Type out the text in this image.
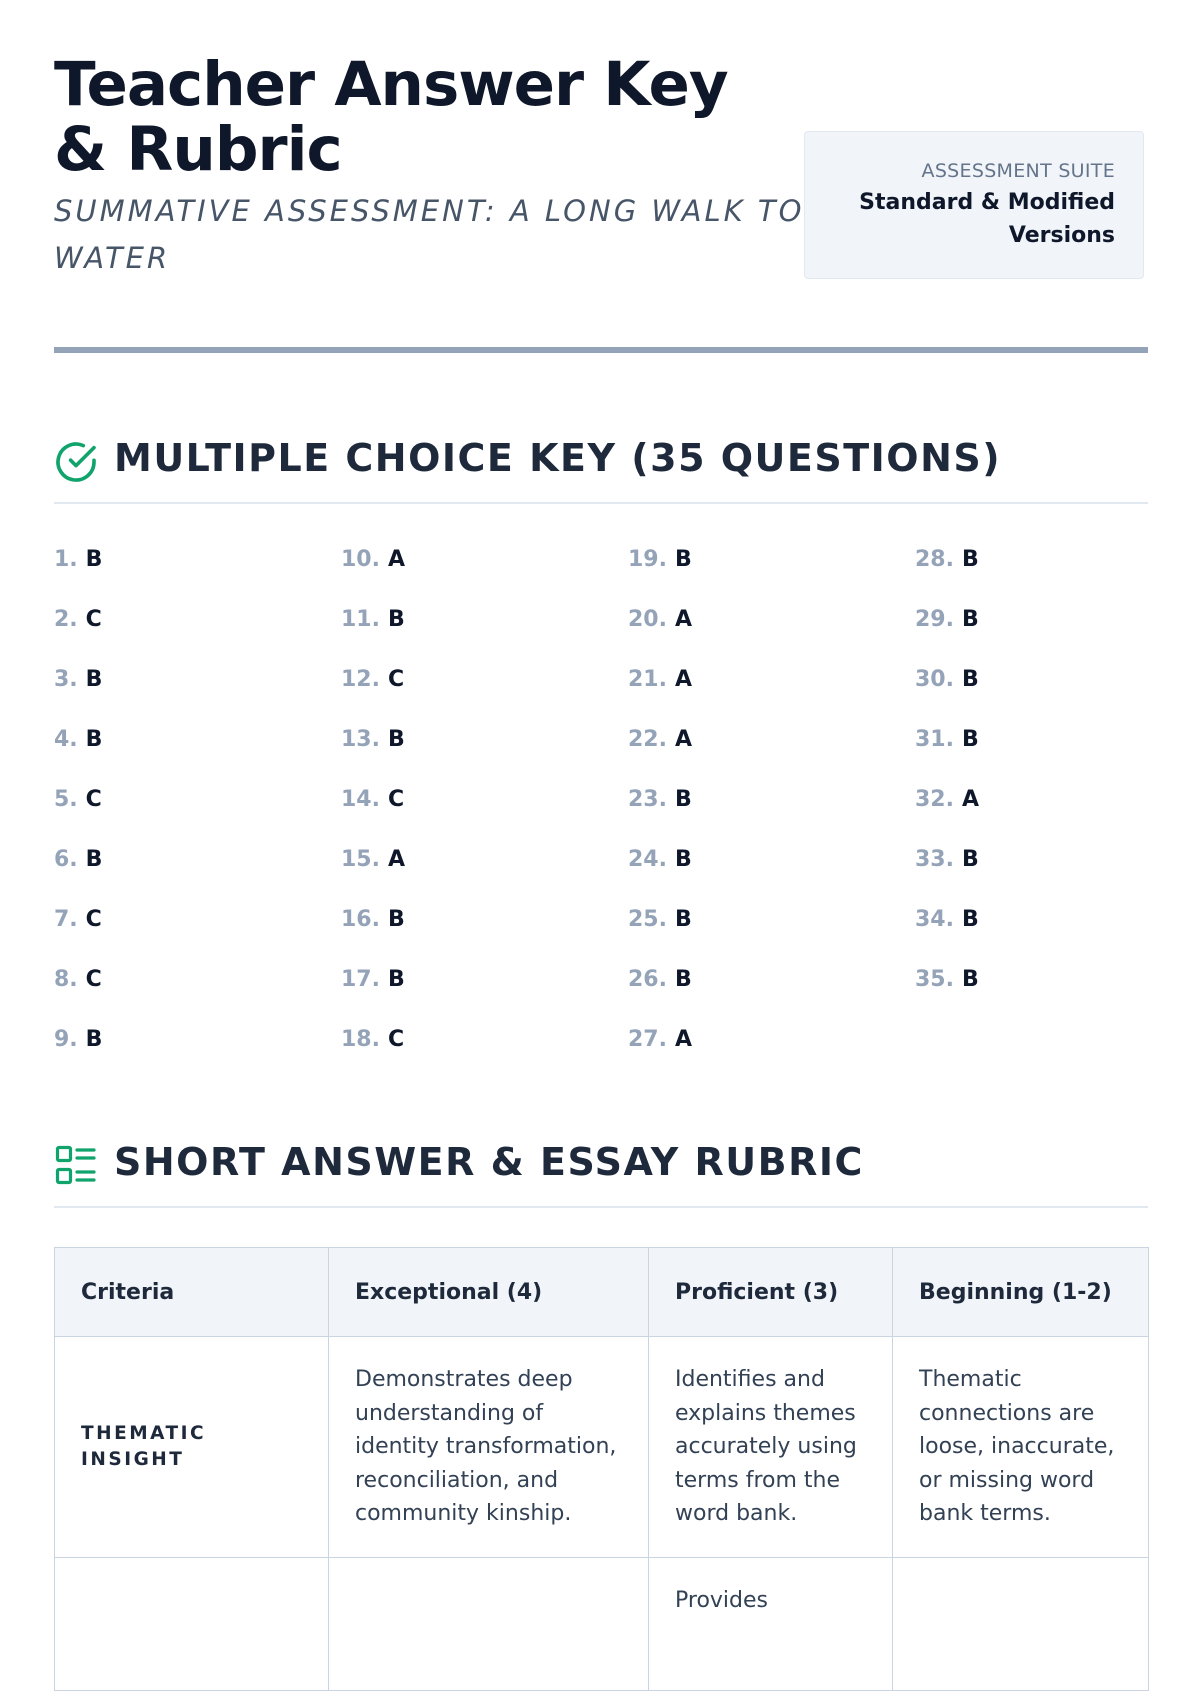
Teacher Answer Key & Rubric

SUMMATIVE ASSESSMENT: A LONG WALK TO WATER

ASSESSMENT SUITE
Standard & Modified Versions
MULTIPLE CHOICE KEY (35 QUESTIONS)
1. B
2. C
3. B
4. B
5. C
6. B
7. C
8. C
9. B
10. A
11. B
12. C
13. B
14. C
15. A
16. B
17. B
18. C
19. B
20. A
21. A
22. A
23. B
24. B
25. B
26. B
27. A
28. B
29. B
30. B
31. B
32. A
33. B
34. B
35. B
SHORT ANSWER & ESSAY RUBRIC
Criteria	Exceptional (4)	Proficient (3)	Beginning (1-2)
THEMATIC INSIGHT	Demonstrates deep understanding of identity transformation, reconciliation, and community kinship.	Identifies and explains themes accurately using terms from the word bank.	Thematic connections are loose, inaccurate, or missing word bank terms.
		Provides	
